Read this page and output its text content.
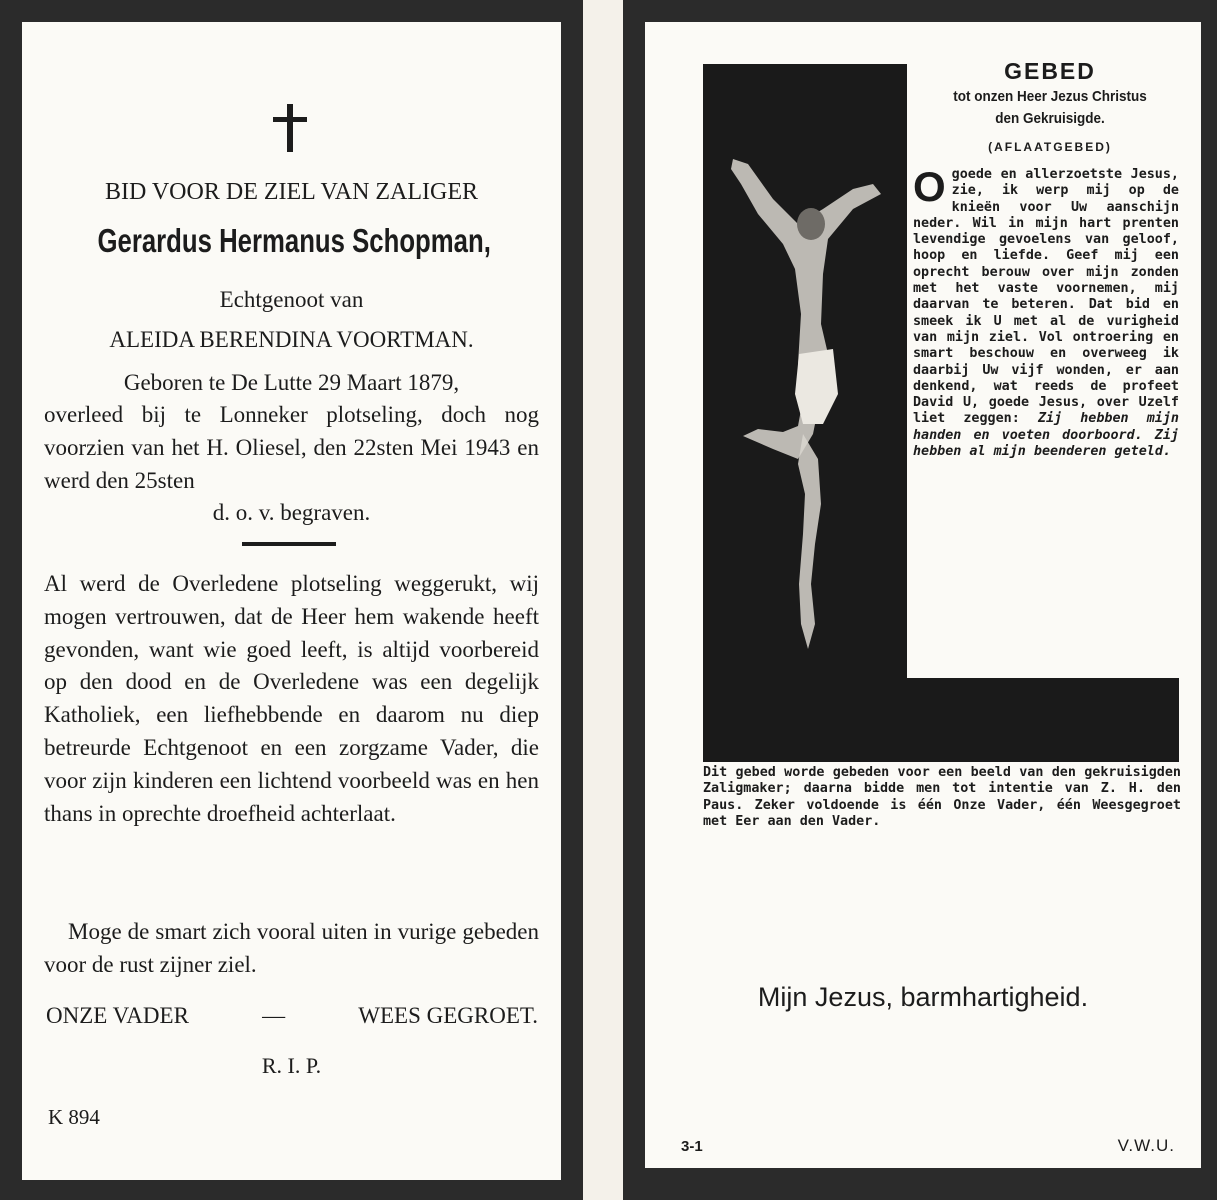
BID VOOR DE ZIEL VAN ZALIGER
Gerardus Hermanus Schopman,
Echtgenoot van
ALEIDA BERENDINA VOORTMAN.
Geboren te De Lutte 29 Maart 1879,
overleed bij te Lonneker plotseling, doch nog voorzien van het H. Oliesel, den 22sten Mei 1943 en werd den 25sten
d. o. v. begraven.
Al werd de Overledene plotseling weggerukt, wij mogen vertrouwen, dat de Heer hem wakende heeft gevonden, want wie goed leeft, is altijd voorbereid op den dood en de Overledene was een degelijk Katholiek, een liefhebbende en daarom nu diep betreurde Echtgenoot en een zorgzame Vader, die voor zijn kinderen een lichtend voorbeeld was en hen thans in oprechte droefheid achterlaat.
Moge de smart zich vooral uiten in vurige gebeden voor de rust zijner ziel.
ONZE VADER	—	WEES GEGROET.
R. I. P.
K 894
GEBED
tot onzen Heer Jezus Christus
den Gekruisigde.
(AFLAATGEBED)
Ogoede en allerzoetste Jesus, zie, ik werp mij op de knieën voor Uw aanschijn neder. Wil in mijn hart prenten levendige gevoelens van geloof, hoop en liefde. Geef mij een oprecht berouw over mijn zonden met het vaste voornemen, mij daarvan te beteren. Dat bid en smeek ik U met al de vurigheid van mijn ziel. Vol ontroering en smart beschouw en overweeg ik daarbij Uw vijf wonden, er aan denkend, wat reeds de profeet David U, goede Jesus, over Uzelf liet zeggen: Zij hebben mijn handen en voeten doorboord. Zij hebben al mijn beenderen geteld.
Dit gebed worde gebeden voor een beeld van den gekruisigden Zaligmaker; daarna bidde men tot intentie van Z. H. den Paus. Zeker voldoende is één Onze Vader, één Weesgegroet met Eer aan den Vader.
Mijn Jezus, barmhartigheid.
3-1	V.W.U.
